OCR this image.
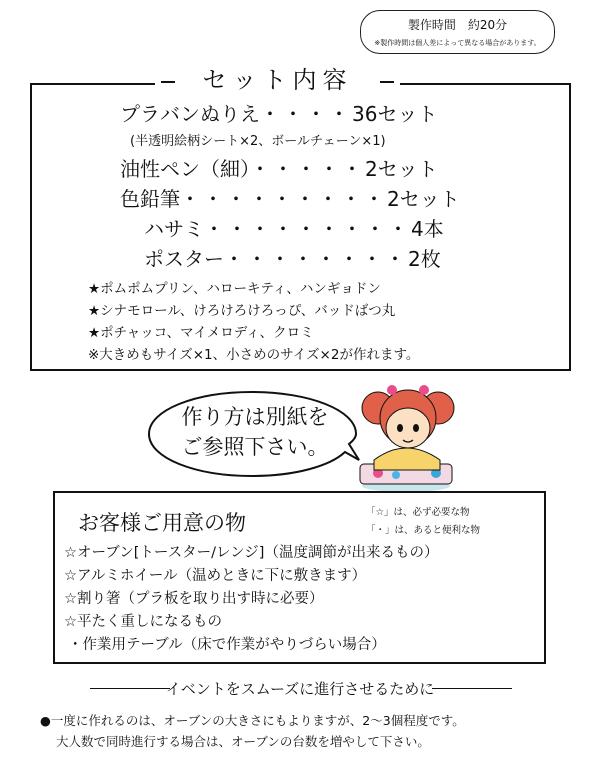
製作時間　約20分
※製作時間は個人差によって異なる場合があります。
セット内容
プラバンぬりえ・・・・36セット
(半透明絵柄シート×2、ボールチェーン×1)
油性ペン（細）・・・・・2セット
色鉛筆・・・・・・・・・2セット
ハサミ・・・・・・・・・4本
ポスター・・・・・・・・2枚
★ポムポムプリン、ハローキティ、ハンギョドン
★シナモロール、けろけろけろっぴ、バッドばつ丸
★ポチャッコ、マイメロディ、クロミ
※大きめもサイズ×1、小さめのサイズ×2が作れます。
作り方は別紙を
ご参照下さい。
お客様ご用意の物	「☆」は、必ず必要な物
「・」は、あると便利な物
☆オーブン[トースター/レンジ]（温度調節が出来るもの）
☆アルミホイール（温めときに下に敷きます）
☆割り箸（プラ板を取り出す時に必要）
☆平たく重しになるもの
・作業用テーブル（床で作業がやりづらい場合）
イベントをスムーズに進行させるために
●一度に作れるのは、オーブンの大きさにもよりますが、2～3個程度です。
大人数で同時進行する場合は、オーブンの台数を増やして下さい。
